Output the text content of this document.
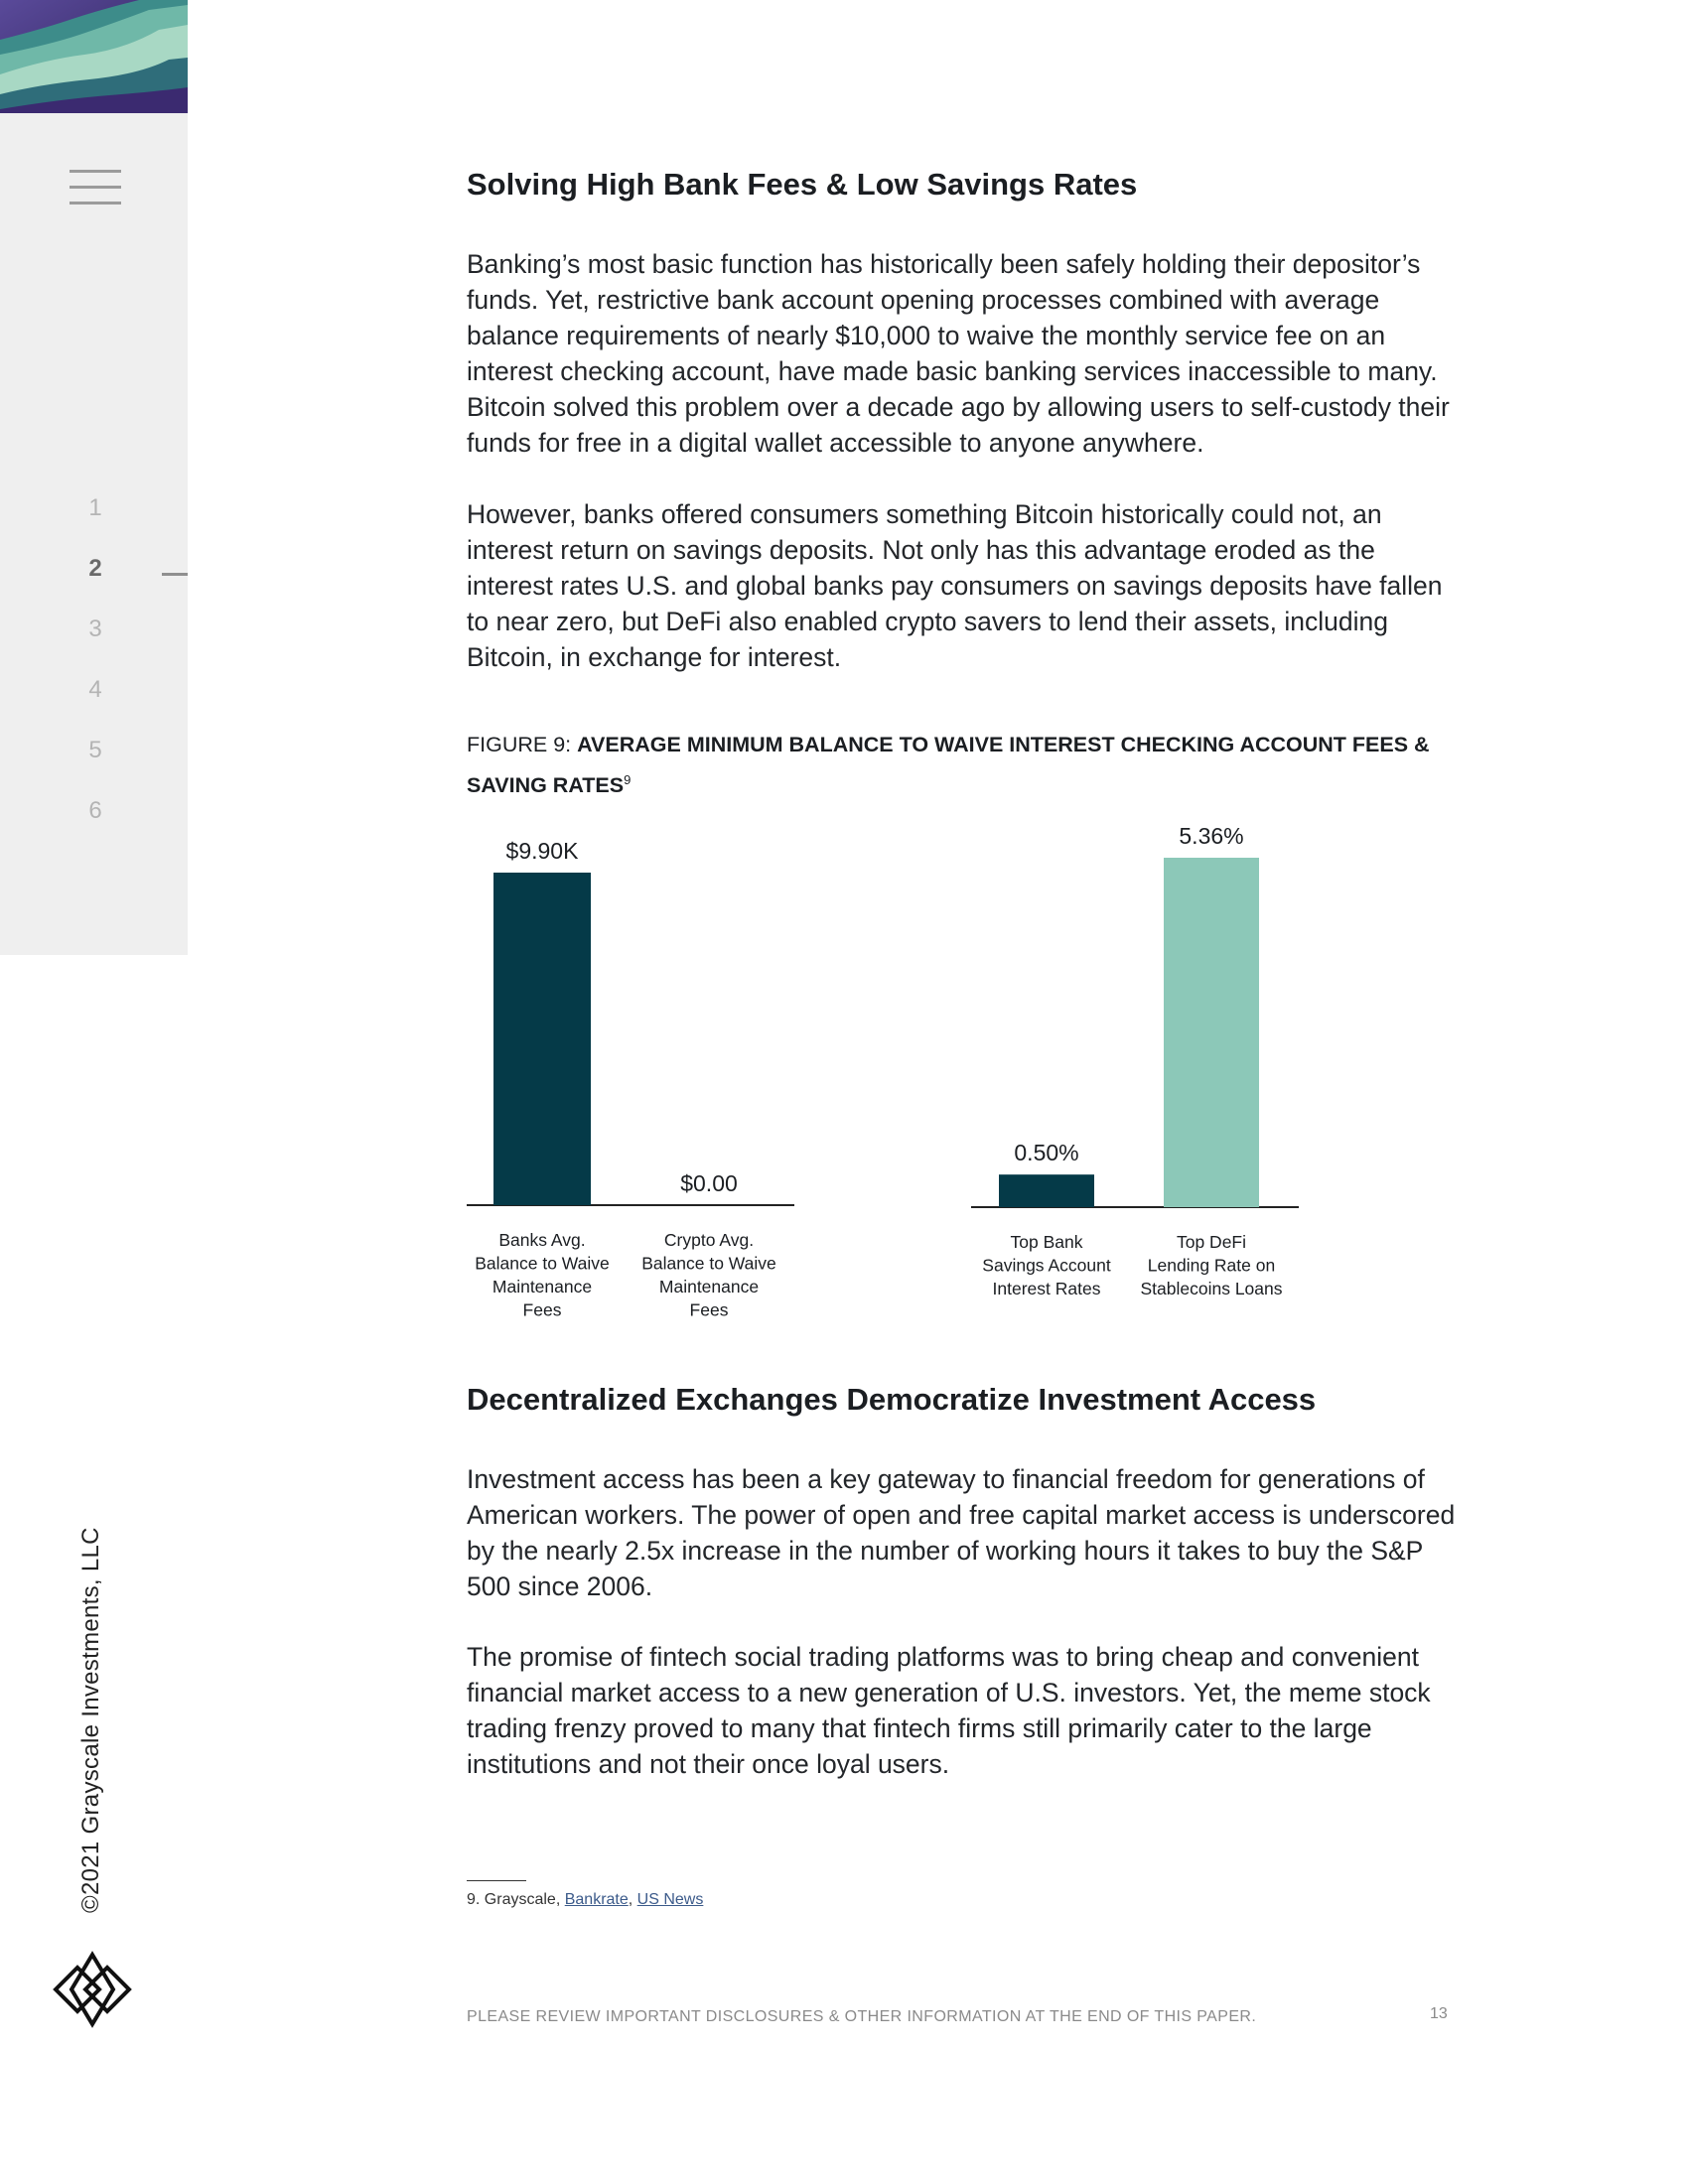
1
2
3
4
5
6
©2021 Grayscale Investments, LLC
Solving High Bank Fees & Low Savings Rates

Banking’s most basic function has historically been safely holding their depositor’s funds. Yet, restrictive bank account opening processes combined with average balance requirements of nearly $10,000 to waive the monthly service fee on an interest checking account, have made basic banking services inaccessible to many. Bitcoin solved this problem over a decade ago by allowing users to self-custody their funds for free in a digital wallet accessible to anyone anywhere.

However, banks offered consumers something Bitcoin historically could not, an interest return on savings deposits. Not only has this advantage eroded as the interest rates U.S. and global banks pay consumers on savings deposits have fallen to near zero, but DeFi also enabled crypto savers to lend their assets, including Bitcoin, in exchange for interest.

FIGURE 9: AVERAGE MINIMUM BALANCE TO WAIVE INTEREST CHECKING ACCOUNT FEES & SAVING RATES$^9$
$9.90K
Banks Avg. Balance to Waive Maintenance Fees
$0.00
Crypto Avg. Balance to Waive Maintenance Fees
0.50%
Top Bank Savings Account Interest Rates
5.36%
Top DeFi Lending Rate on Stablecoins Loans
Decentralized Exchanges Democratize Investment Access

Investment access has been a key gateway to financial freedom for generations of American workers. The power of open and free capital market access is underscored by the nearly 2.5x increase in the number of working hours it takes to buy the S&P 500 since 2006.

The promise of fintech social trading platforms was to bring cheap and convenient financial market access to a new generation of U.S. investors. Yet, the meme stock trading frenzy proved to many that fintech firms still primarily cater to the large institutions and not their once loyal users.

9. Grayscale, Bankrate, US News
PLEASE REVIEW IMPORTANT DISCLOSURES & OTHER INFORMATION AT THE END OF THIS PAPER.	13
